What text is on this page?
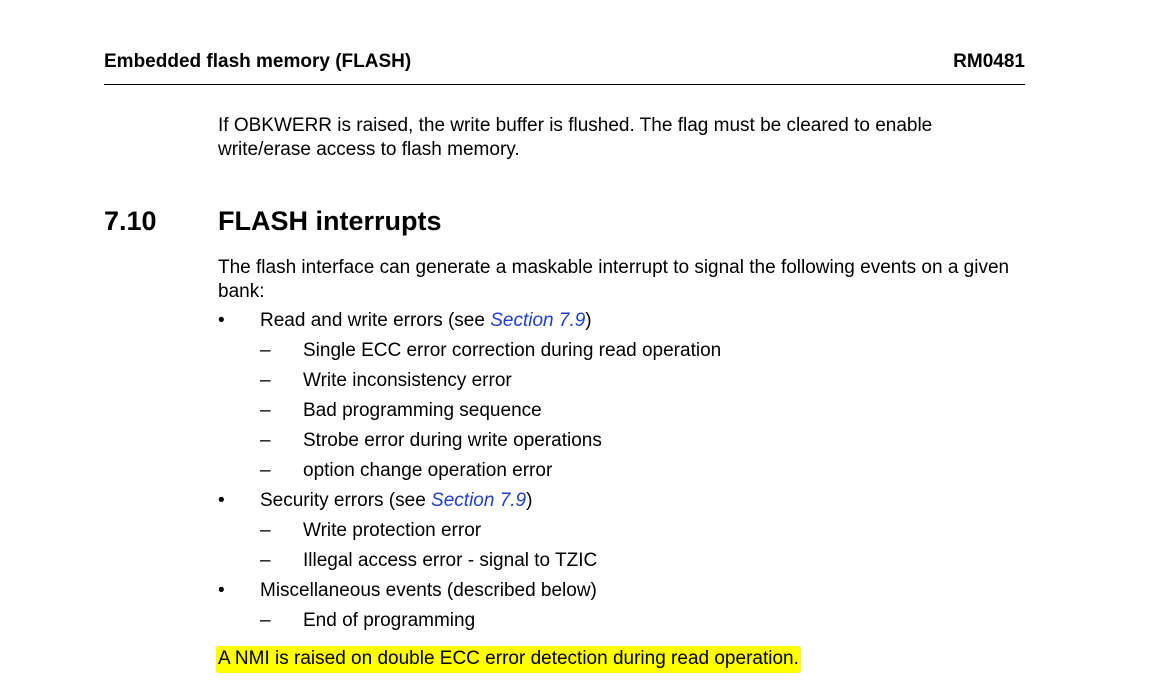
Embedded flash memory (FLASH)	RM0481
If OBKWERR is raised, the write buffer is flushed. The flag must be cleared to enable write/erase access to flash memory.
7.10 FLASH interrupts
The flash interface can generate a maskable interrupt to signal the following events on a given bank:
• Read and write errors (see Section 7.9)
– Single ECC error correction during read operation
– Write inconsistency error
– Bad programming sequence
– Strobe error during write operations
– option change operation error
• Security errors (see Section 7.9)
– Write protection error
– Illegal access error - signal to TZIC
• Miscellaneous events (described below)
– End of programming
A NMI is raised on double ECC error detection during read operation.
